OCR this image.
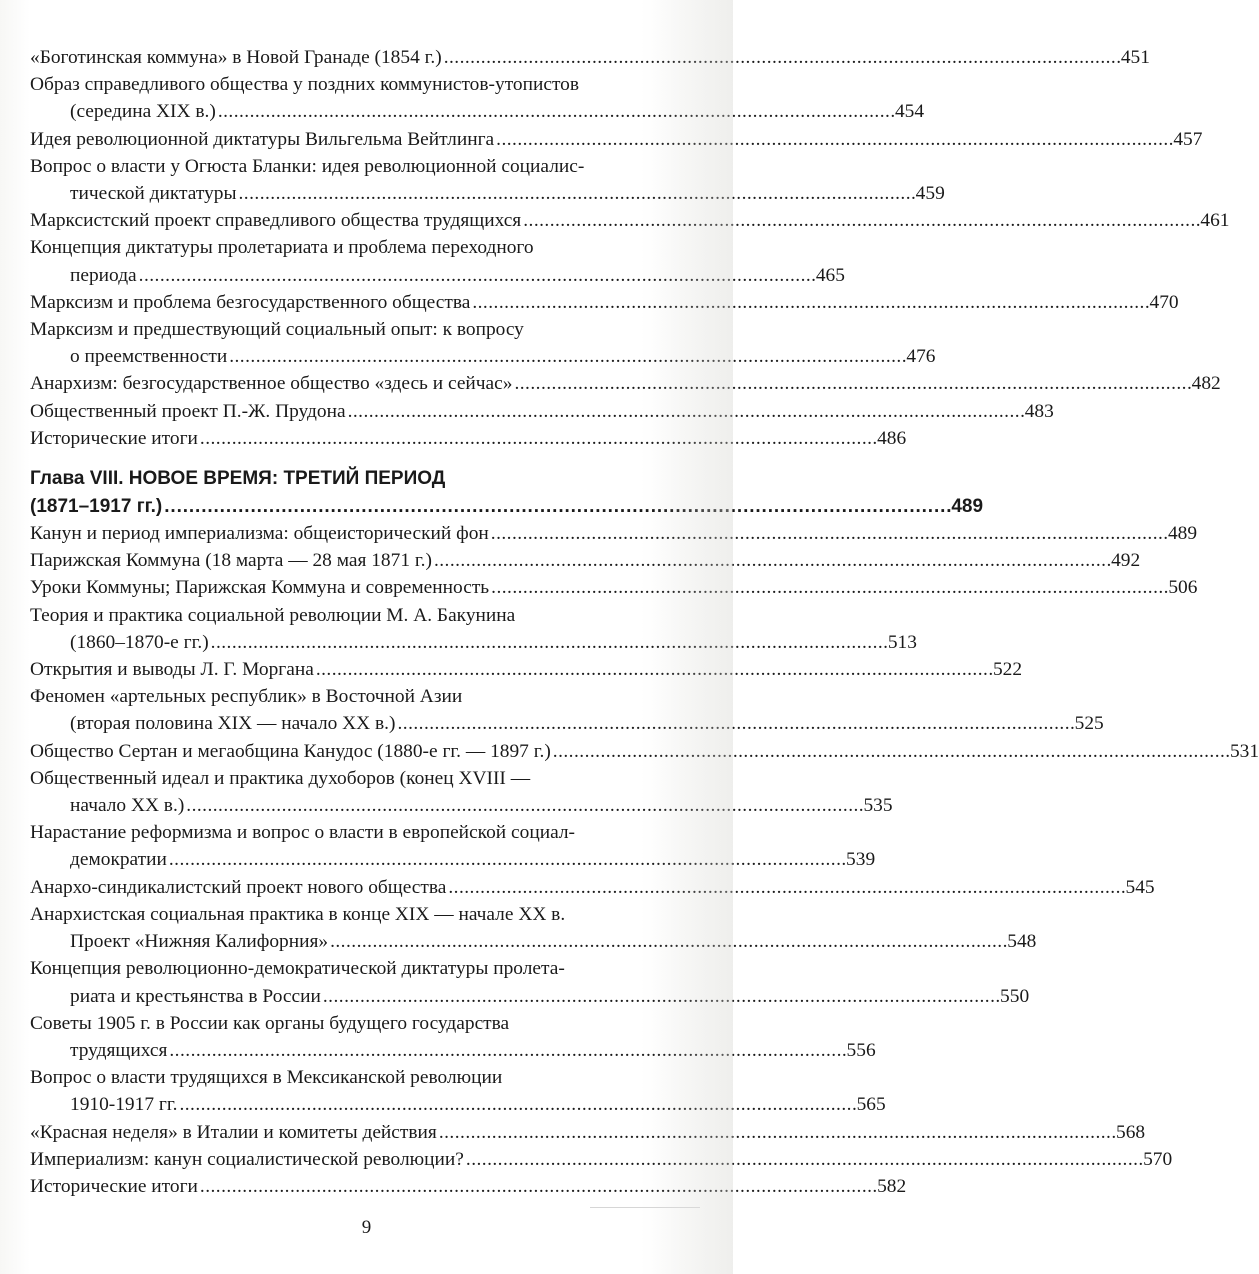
«Боготинская коммуна» в Новой Гранаде (1854 г.) . . .	451
Образ справедливого общества у поздних коммунистов-утопистов
(середина XIX в.) . . .	454
Идея революционной диктатуры Вильгельма Вейтлинга . . .	457
Вопрос о власти у Огюста Бланки: идея революционной социалис-
тической диктатуры . . .	459
Марксистский проект справедливого общества трудящихся . . .	461
Концепция диктатуры пролетариата и проблема переходного
периода . . .	465
Марксизм и проблема безгосударственного общества . . .	470
Марксизм и предшествующий социальный опыт: к вопросу
о преемственности . . .	476
Анархизм: безгосударственное общество «здесь и сейчас» . . .	482
Общественный проект П.-Ж. Прудона . . .	483
Исторические итоги . . .	486
Глава VIII. НОВОЕ ВРЕМЯ: ТРЕТИЙ ПЕРИОД
(1871–1917 гг.) . . .	489
Канун и период империализма: общеисторический фон . . .	489
Парижская Коммуна (18 марта — 28 мая 1871 г.) . . .	492
Уроки Коммуны; Парижская Коммуна и современность . . .	506
Теория и практика социальной революции М. А. Бакунина
(1860–1870-е гг.) . . .	513
Открытия и выводы Л. Г. Моргана . . .	522
Феномен «артельных республик» в Восточной Азии
(вторая половина XIX — начало XX в.) . . .	525
Общество Сертан и мегаобщина Канудос (1880-е гг. — 1897 г.) . . .	531
Общественный идеал и практика духоборов (конец XVIII —
начало XX в.) . . .	535
Нарастание реформизма и вопрос о власти в европейской социал-
демократии . . .	539
Анархо-синдикалистский проект нового общества . . .	545
Анархистская социальная практика в конце XIX — начале XX в.
Проект «Нижняя Калифорния» . . .	548
Концепция революционно-демократической диктатуры пролета-
риата и крестьянства в России . . .	550
Советы 1905 г. в России как органы будущего государства
трудящихся . . .	556
Вопрос о власти трудящихся в Мексиканской революции
1910-1917 гг. . . .	565
«Красная неделя» в Италии и комитеты действия . . .	568
Империализм: канун социалистической революции? . . .	570
Исторические итоги . . .	582
9
